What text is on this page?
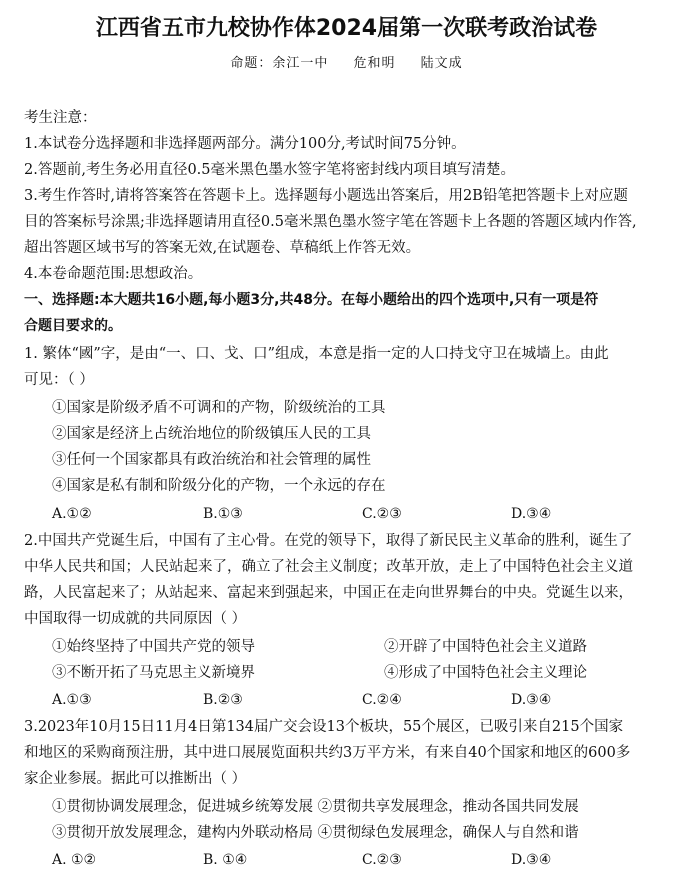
江西省五市九校协作体2024届第一次联考政治试卷
命题：余江一中 危和明 陆文成
考生注意：
1.本试卷分选择题和非选择题两部分。满分100分,考试时间75分钟。
2.答题前,考生务必用直径0.5毫米黑色墨水签字笔将密封线内项目填写清楚。
3.考生作答时,请将答案答在答题卡上。选择题每小题选出答案后，用2B铅笔把答题卡上对应题
目的答案标号涂黑;非选择题请用直径0.5毫米黑色墨水签字笔在答题卡上各题的答题区域内作答,
超出答题区域书写的答案无效,在试题卷、草稿纸上作答无效。
4.本卷命题范围:思想政治。
一、选择题:本大题共16小题,每小题3分,共48分。在每小题给出的四个选项中,只有一项是符
合题目要求的。
1. 繁体“國”字，是由“一、口、戈、口”组成，本意是指一定的人口持戈守卫在城墙上。由此
可见：（ ）
①国家是阶级矛盾不可调和的产物，阶级统治的工具
②国家是经济上占统治地位的阶级镇压人民的工具
③任何一个国家都具有政治统治和社会管理的属性
④国家是私有制和阶级分化的产物，一个永远的存在
A.①②	B.①③	C.②③	D.③④
2.中国共产党诞生后，中国有了主心骨。在党的领导下，取得了新民民主义革命的胜利，诞生了
中华人民共和国；人民站起来了，确立了社会主义制度；改革开放，走上了中国特色社会主义道
路，人民富起来了；从站起来、富起来到强起来，中国正在走向世界舞台的中央。党诞生以来，
中国取得一切成就的共同原因（ ）
①始终坚持了中国共产党的领导	②开辟了中国特色社会主义道路
③不断开拓了马克思主义新境界	④形成了中国特色社会主义理论
A.①③	B.②③	C.②④	D.③④
3.2023年10月15日11月4日第134届广交会设13个板块，55个展区，已吸引来自215个国家
和地区的采购商预注册，其中进口展展览面积共约3万平方米，有来自40个国家和地区的600多
家企业参展。据此可以推断出（ ）
①贯彻协调发展理念，促进城乡统筹发展 ②贯彻共享发展理念，推动各国共同发展
③贯彻开放发展理念，建构内外联动格局 ④贯彻绿色发展理念，确保人与自然和谐
A. ①②	B. ①④	C.②③	D.③④
